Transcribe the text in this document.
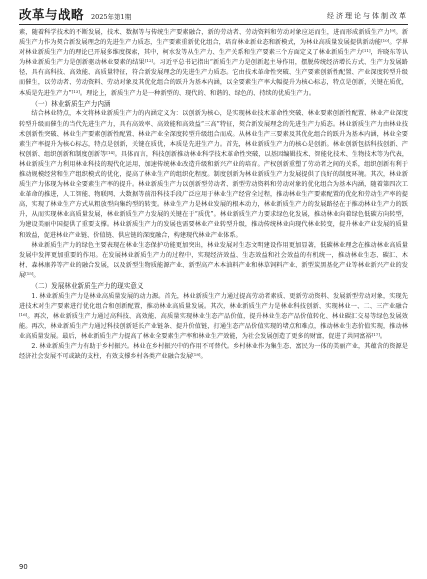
改革与战略 2025年第1期	经济理论与体制改革

素，随着科学技术的不断发展，技术、数据等与传统生产要素融合，新的劳动者、劳动资料和劳动对象应运而生，进而形成新质生产力[9]。新质生产力作为契合新发展理念的先进生产力质态，生产要素重新优化组合，培育林业新业态和新模式，为林业高质量发展提供新动能[10]。学界对林业新质生产力的理论已开展多维度探索，其中，柯水发等从生产力、生产关系和生产要素三个方面定义了林业新质生产力[11]，许晓东等认为林业新质生产力是创新驱动林业要素的结果[12]。习近平总书记指出“新质生产力是创新起主导作用，摆脱传统经济增长方式、生产力发展路径，具有高科技、高效能、高质量特征，符合新发展理念的先进生产力质态。它由技术革命性突破、生产要素创新性配置、产业深度转型升级而催生，以劳动者、劳动资料、劳动对象及其优化组合的跃升为基本内涵，以全要素生产率大幅提升为核心标志，特点是创新，关键在质优，本质是先进生产力”[13]。理论上，新质生产力是一种新型的、现代的、和谐的、绿色的、持续的优质生产力。

（一）林业新质生产力内涵

结合林业特点，本文将林业新质生产力的内涵定义为：以创新为核心，是实现林业技术革命性突破、林业要素创新性配置、林业产业深度转型升级而催生的当代先进生产力，具有高效率、高效能和高效益“三高”特征，契合新发展理念的先进生产力质态。林业新质生产力由林业技术创新性突破、林业生产要素创新性配置、林业产业全深度转型升级组合而成。从林业生产三要素及其优化组合的跃升为基本内涵，林业全要素生产率提升为核心标志，特点是创新，关键在质优，本质是先进生产力。首先，林业新质生产力的核心是创新。林业创新包括科技创新、产权创新、组织创新和制度创新等[14]。具体而言，科技创新推动林业科学技术革命性突破，以基因编辑技术、智能化技术、生物技术等为代表，林业新质生产力利用林业科技的现代化运用，加速传统林业改造升级和新兴产业的培育。产权创新重塑了劳动者之间的关系，组织创新有利于推动规模经营和生产组织模式的优化，提高了林业生产的组织化程度。制度创新为林业新质生产力发展提供了良好的制度环境。其次，林业新质生产力体现为林业全要素生产率的提升。林业新质生产力以创新型劳动者、新型劳动资料和劳动对象的优化组合为基本内涵，随着第四次工业革命的推进，人工智能、物联网、大数据等前沿科技手段广泛应用于林业生产经营全过程，推动林业生产要素配置的优化和劳动生产率的提高，实现了林业生产方式从粗放型向集约型的转变。林业生产力是林业发展的根本动力，林业新质生产力的发展路径在于推动林业生产力的跃升，从而实现林业高质量发展，林业新质生产力发展的关键在于“质优”。林业新质生产力要求绿色化发展，推动林业向着绿色低碳方向转型，为建设美丽中国提供了重要支撑。林业新质生产力的发展也需要林业产业转型升级，推动传统林业向现代林业转变，提升林业产业发展的质量和效益，促进林业产业链、价值链、供应链的深度融合，构建现代林业产业体系。

林业新质生产力的绿色主要表现在林业生态保护功能更加突出，林业发展对生态文明建设作用更加显著，低碳林业理念在推动林业高质量发展中发挥更加重要的作用。在发展林业新质生产力的过程中，实现经济效益、生态效益和社会效益的有机统一，推动林业生态、碳汇、木材、森林康养等产业的融合发展，以及新型生物质能源产业、新型高产木本油料产业和林草饲料产业、新型炭黑基化产业等林业新兴产业的发展[15]。

（二）发展林业新质生产力的现实意义

1. 林业新质生产力是林业高质量发展的动力源。首先，林业新质生产力通过提高劳动者素质、更新劳动资料、发展新型劳动对象，实现先进技术对生产要素进行优化组合和创新配置，推动林业高质量发展。其次，林业新质生产力是林业科技创新、实现林业一、二、三产业融合[16]。再次，林业新质生产力通过高科技、高效能、高质量实现林业生态产品价值，提升林业生态产品价值转化、林业碳汇交易等绿色发展效能。再次，林业新质生产力通过科技创新延长产业链条、提升价值链，打通生态产品价值实现的堵点和难点，推动林业生态价值实现，推动林业高质量发展。最后，林业新质生产力提高了林业全要素生产率和林业生产效能，为社会发展创造了更多的财富，促进了共同富裕[17]。

2. 林业新质生产力有助于乡村振兴。林业在乡村振兴中的作用不可替代。乡村林业作为集生态、富民为一体的美丽产业，其蕴含的资源是经济社会发展不可或缺的支柱，有效支撑乡村各类产业融合发展[18]。

90
